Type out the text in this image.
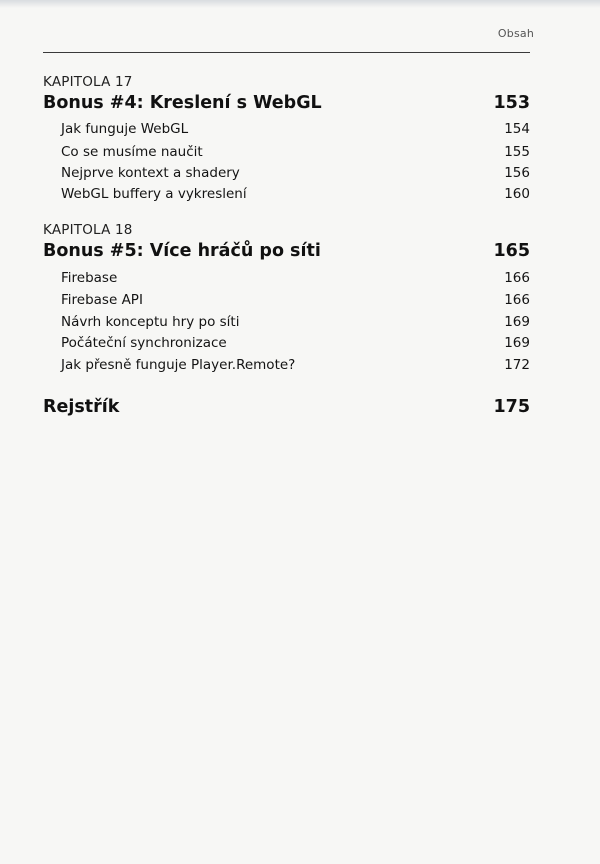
Obsah
KAPITOLA 17
Bonus #4: Kreslení s WebGL	153
Jak funguje WebGL	154
Co se musíme naučit	155
Nejprve kontext a shadery	156
WebGL buffery a vykreslení	160
KAPITOLA 18
Bonus #5: Více hráčů po síti	165
Firebase	166
Firebase API	166
Návrh konceptu hry po síti	169
Počáteční synchronizace	169
Jak přesně funguje Player.Remote?	172
Rejstřík	175
